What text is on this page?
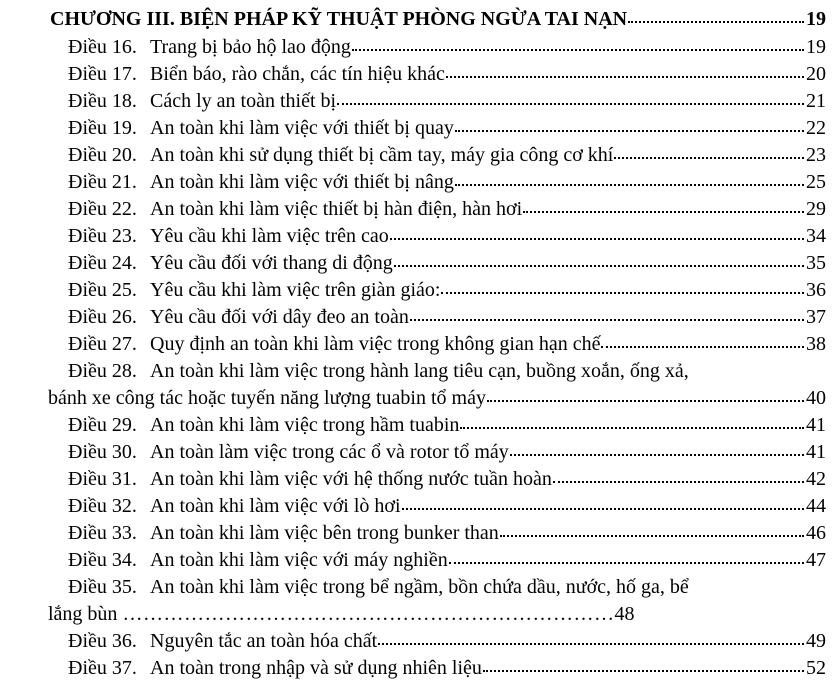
CHƯƠNG III. BIỆN PHÁP KỸ THUẬT PHÒNG NGỪA TAI NẠN	19
Điều 16. Trang bị bảo hộ lao động	19
Điều 17. Biển báo, rào chắn, các tín hiệu khác	20
Điều 18. Cách ly an toàn thiết bị	21
Điều 19. An toàn khi làm việc với thiết bị quay	22
Điều 20. An toàn khi sử dụng thiết bị cầm tay, máy gia công cơ khí	23
Điều 21. An toàn khi làm việc với thiết bị nâng	25
Điều 22. An toàn khi làm việc thiết bị hàn điện, hàn hơi	29
Điều 23. Yêu cầu khi làm việc trên cao	34
Điều 24. Yêu cầu đối với thang di động	35
Điều 25. Yêu cầu khi làm việc trên giàn giáo:	36
Điều 26. Yêu cầu đối với dây đeo an toàn	37
Điều 27. Quy định an toàn khi làm việc trong không gian hạn chế	38
Điều 28. An toàn khi làm việc trong hành lang tiêu cạn, buồng xoắn, ống xả,
bánh xe công tác hoặc tuyến năng lượng tuabin tổ máy	40
Điều 29. An toàn khi làm việc trong hầm tuabin	41
Điều 30. An toàn làm việc trong các ổ và rotor tổ máy	41
Điều 31. An toàn khi làm việc với hệ thống nước tuần hoàn	42
Điều 32. An toàn khi làm việc với lò hơi	44
Điều 33. An toàn khi làm việc bên trong bunker than	46
Điều 34. An toàn khi làm việc với máy nghiền	47
Điều 35. An toàn khi làm việc trong bể ngầm, bồn chứa dầu, nước, hố ga, bể
lắng bùn ………………………………………………………………48
Điều 36. Nguyên tắc an toàn hóa chất	49
Điều 37. An toàn trong nhập và sử dụng nhiên liệu	52
